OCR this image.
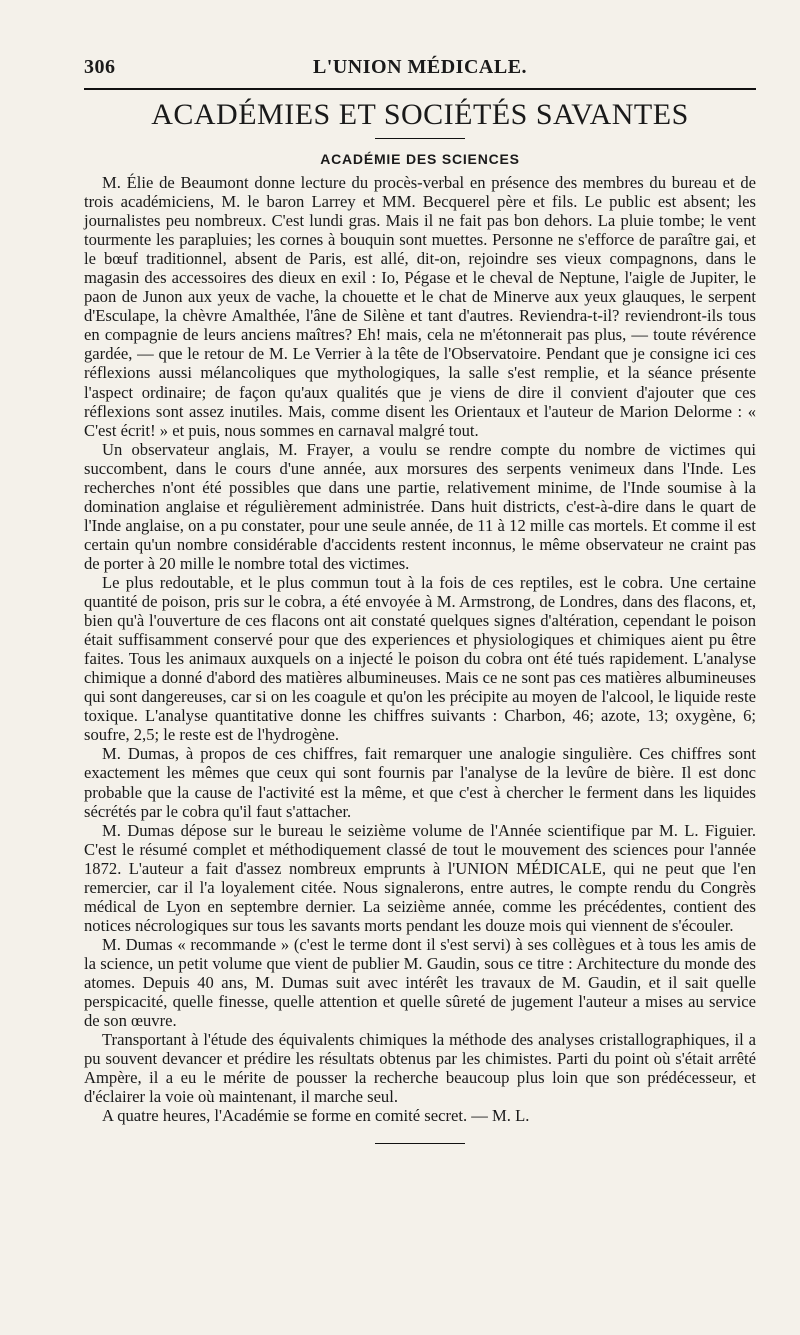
306	L'UNION MÉDICALE.
ACADÉMIES ET SOCIÉTÉS SAVANTES
ACADÉMIE DES SCIENCES

M. Élie de Beaumont donne lecture du procès-verbal en présence des membres du bureau et de trois académiciens, M. le baron Larrey et MM. Becquerel père et fils. Le public est absent; les journalistes peu nombreux. C'est lundi gras. Mais il ne fait pas bon dehors. La pluie tombe; le vent tourmente les parapluies; les cornes à bouquin sont muettes. Personne ne s'efforce de paraître gai, et le bœuf traditionnel, absent de Paris, est allé, dit-on, rejoindre ses vieux compagnons, dans le magasin des accessoires des dieux en exil : Io, Pégase et le cheval de Neptune, l'aigle de Jupiter, le paon de Junon aux yeux de vache, la chouette et le chat de Minerve aux yeux glauques, le serpent d'Esculape, la chèvre Amalthée, l'âne de Silène et tant d'autres. Reviendra-t-il? reviendront-ils tous en compagnie de leurs anciens maîtres? Eh! mais, cela ne m'étonnerait pas plus, — toute révérence gardée, — que le retour de M. Le Verrier à la tête de l'Observatoire. Pendant que je consigne ici ces réflexions aussi mélancoliques que mythologiques, la salle s'est remplie, et la séance présente l'aspect ordinaire; de façon qu'aux qualités que je viens de dire il convient d'ajouter que ces réflexions sont assez inutiles. Mais, comme disent les Orientaux et l'auteur de Marion Delorme : « C'est écrit! » et puis, nous sommes en carnaval malgré tout.

Un observateur anglais, M. Frayer, a voulu se rendre compte du nombre de victimes qui succombent, dans le cours d'une année, aux morsures des serpents venimeux dans l'Inde. Les recherches n'ont été possibles que dans une partie, relativement minime, de l'Inde soumise à la domination anglaise et régulièrement administrée. Dans huit districts, c'est-à-dire dans le quart de l'Inde anglaise, on a pu constater, pour une seule année, de 11 à 12 mille cas mortels. Et comme il est certain qu'un nombre considérable d'accidents restent inconnus, le même observateur ne craint pas de porter à 20 mille le nombre total des victimes.

Le plus redoutable, et le plus commun tout à la fois de ces reptiles, est le cobra. Une certaine quantité de poison, pris sur le cobra, a été envoyée à M. Armstrong, de Londres, dans des flacons, et, bien qu'à l'ouverture de ces flacons ont ait constaté quelques signes d'altération, cependant le poison était suffisamment conservé pour que des experiences et physiologiques et chimiques aient pu être faites. Tous les animaux auxquels on a injecté le poison du cobra ont été tués rapidement. L'analyse chimique a donné d'abord des matières albumineuses. Mais ce ne sont pas ces matières albumineuses qui sont dangereuses, car si on les coagule et qu'on les précipite au moyen de l'alcool, le liquide reste toxique. L'analyse quantitative donne les chiffres suivants : Charbon, 46; azote, 13; oxygène, 6; soufre, 2,5; le reste est de l'hydrogène.

M. Dumas, à propos de ces chiffres, fait remarquer une analogie singulière. Ces chiffres sont exactement les mêmes que ceux qui sont fournis par l'analyse de la levûre de bière. Il est donc probable que la cause de l'activité est la même, et que c'est à chercher le ferment dans les liquides sécrétés par le cobra qu'il faut s'attacher.

M. Dumas dépose sur le bureau le seizième volume de l'Année scientifique par M. L. Figuier. C'est le résumé complet et méthodiquement classé de tout le mouvement des sciences pour l'année 1872. L'auteur a fait d'assez nombreux emprunts à l'UNION MÉDICALE, qui ne peut que l'en remercier, car il l'a loyalement citée. Nous signalerons, entre autres, le compte rendu du Congrès médical de Lyon en septembre dernier. La seizième année, comme les précédentes, contient des notices nécrologiques sur tous les savants morts pendant les douze mois qui viennent de s'écouler.

M. Dumas « recommande » (c'est le terme dont il s'est servi) à ses collègues et à tous les amis de la science, un petit volume que vient de publier M. Gaudin, sous ce titre : Architecture du monde des atomes. Depuis 40 ans, M. Dumas suit avec intérêt les travaux de M. Gaudin, et il sait quelle perspicacité, quelle finesse, quelle attention et quelle sûreté de jugement l'auteur a mises au service de son œuvre.

Transportant à l'étude des équivalents chimiques la méthode des analyses cristallographiques, il a pu souvent devancer et prédire les résultats obtenus par les chimistes. Parti du point où s'était arrêté Ampère, il a eu le mérite de pousser la recherche beaucoup plus loin que son prédécesseur, et d'éclairer la voie où maintenant, il marche seul.

A quatre heures, l'Académie se forme en comité secret. — M. L.
